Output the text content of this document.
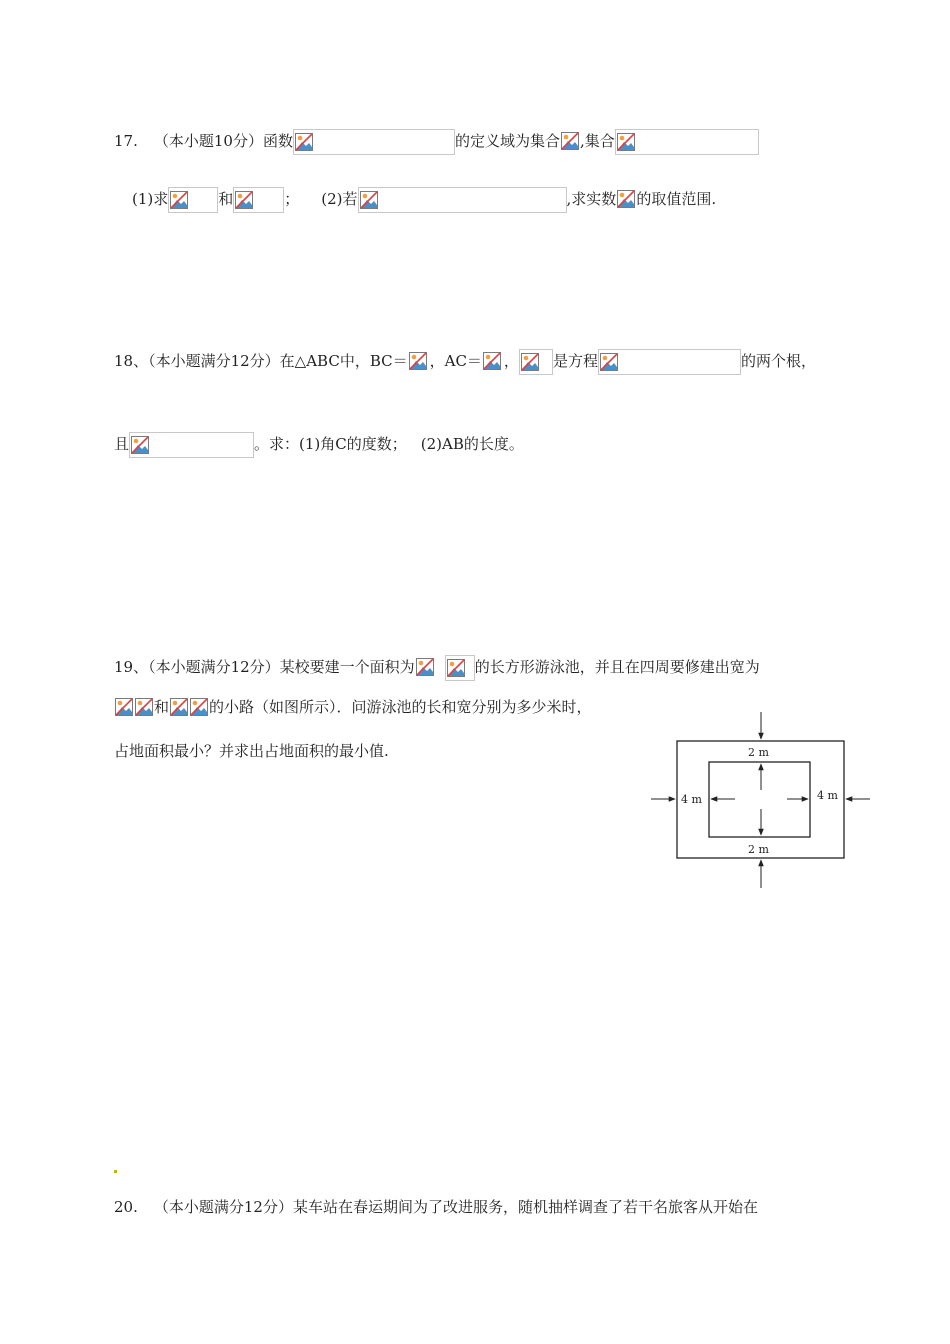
17. （本小题10分）函数	的定义域为集合 ,集合
(1)求	和	； (2)若	,求实数 的取值范围.
18、（本小题满分12分）在△ABC中，BC＝ ，AC＝ ， 是方程	的两个根，
且	。求：(1)角C的度数； (2)AB的长度。
19、（本小题满分12分）某校要建一个面积为	的长方形游泳池，并且在四周要修建出宽为
和	的小路（如图所示）．问游泳池的长和宽分别为多少米时，
占地面积最小？并求出占地面积的最小值.	2 m
2 m
4 m	4 m
20. （本小题满分12分）某车站在春运期间为了改进服务，随机抽样调查了若干名旅客从开始在
